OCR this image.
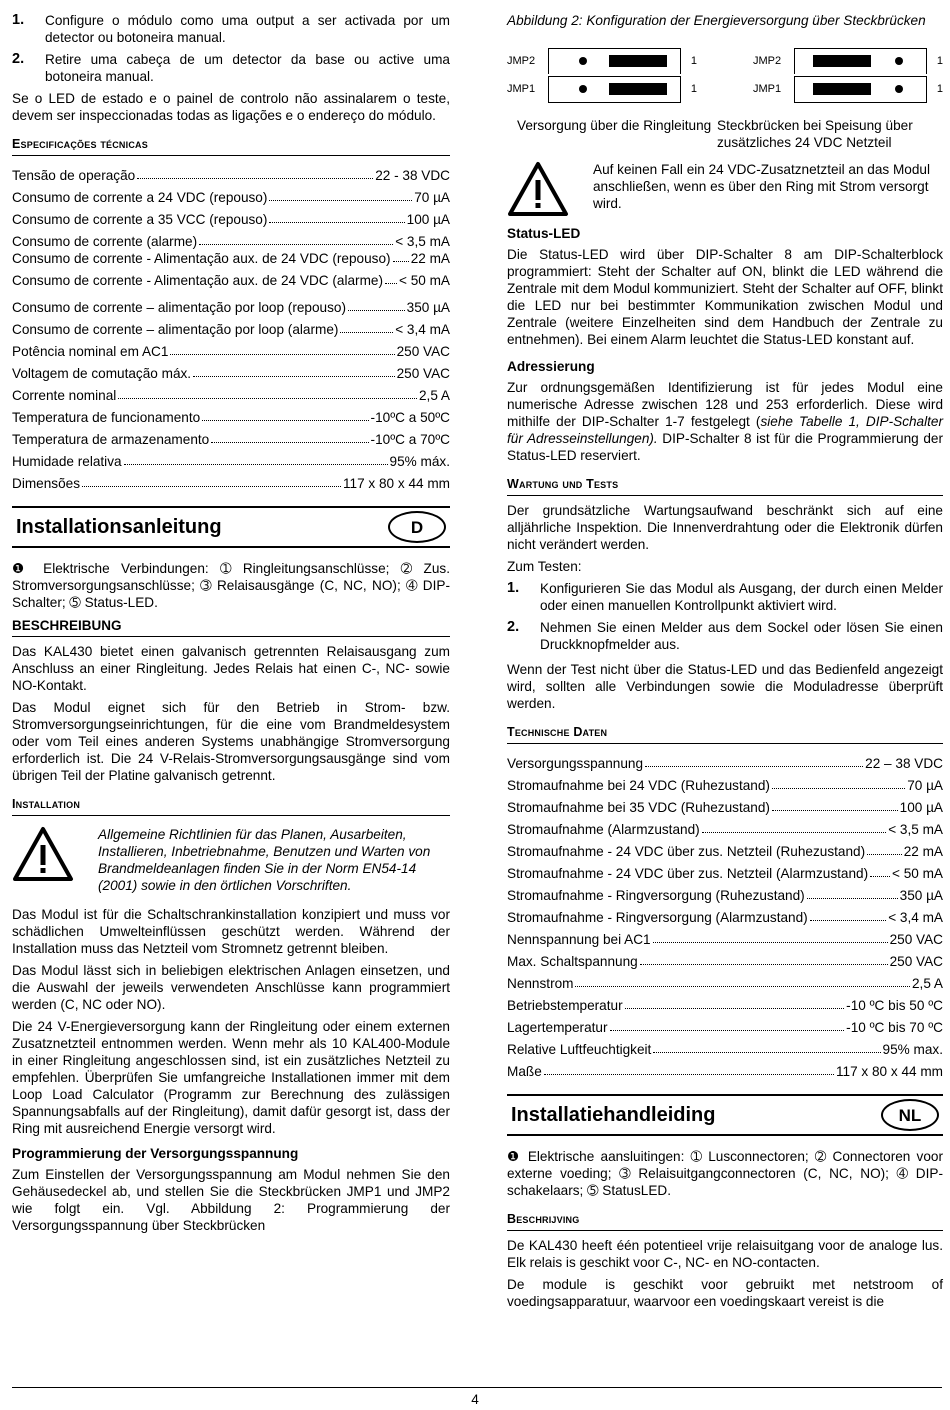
1.	Configure o módulo como uma output a ser activada por um detector ou botoneira manual.
2.	Retire uma cabeça de um detector da base ou active uma botoneira manual.

Se o LED de estado e o painel de controlo não assinalarem o teste, devem ser inspeccionadas todas as ligações e o endereço do módulo.

Especificações técnicas
Tensão de operação	22 - 38 VDC
Consumo de corrente a 24 VDC (repouso)	70 µA
Consumo de corrente a 35 VCC (repouso)	100 µA
Consumo de corrente (alarme)	< 3,5 mA
Consumo de corrente - Alimentação aux. de 24 VDC (repouso) 22 mA
Consumo de corrente - Alimentação aux. de 24 VDC (alarme) < 50 mA
Consumo de corrente – alimentação por loop (repouso)	350 µA
Consumo de corrente – alimentação por loop (alarme)	< 3,4 mA
Potência nominal em AC1	250 VAC
Voltagem de comutação máx.	250 VAC
Corrente nominal	2,5 A
Temperatura de funcionamento	-10ºC a 50ºC
Temperatura de armazenamento	-10ºC a 70ºC
Humidade relativa	95% máx.
Dimensões	117 x 80 x 44 mm
Installationsanleitung	D

❶ Elektrische Verbindungen: ➀ Ringleitungsanschlüsse; ➁ Zus. Stromversorgungsanschlüsse; ➂ Relaisausgänge (C, NC, NO); ➃ DIP-Schalter; ➄ Status-LED.

BESCHREIBUNG

Das KAL430 bietet einen galvanisch getrennten Relaisausgang zum Anschluss an einer Ringleitung. Jedes Relais hat einen C-, NC- sowie NO-Kontakt.

Das Modul eignet sich für den Betrieb in Strom- bzw. Stromversorgungseinrichtungen, für die eine vom Brandmeldesystem oder vom Teil eines anderen Systems unabhängige Stromversorgung erforderlich ist. Die 24 V-Relais-Stromversorgungsausgänge sind vom übrigen Teil der Platine galvanisch getrennt.

Installation
Allgemeine Richtlinien für das Planen, Ausarbeiten, Installieren, Inbetriebnahme, Benutzen und Warten von Brandmeldeanlagen finden Sie in der Norm EN54-14 (2001) sowie in den örtlichen Vorschriften.

Das Modul ist für die Schaltschrankinstallation konzipiert und muss vor schädlichen Umwelteinflüssen geschützt werden. Während der Installation muss das Netzteil vom Stromnetz getrennt bleiben.

Das Modul lässt sich in beliebigen elektrischen Anlagen einsetzen, und die Auswahl der jeweils verwendeten Anschlüsse kann programmiert werden (C, NC oder NO).

Die 24 V-Energieversorgung kann der Ringleitung oder einem externen Zusatznetzteil entnommen werden. Wenn mehr als 10 KAL400-Module in einer Ringleitung angeschlossen sind, ist ein zusätzliches Netzteil zu empfehlen. Überprüfen Sie umfangreiche Installationen immer mit dem Loop Load Calculator (Programm zur Berechnung des zulässigen Spannungsabfalls auf der Ringleitung), damit dafür gesorgt ist, dass der Ring mit ausreichend Energie versorgt wird.

Programmierung der Versorgungsspannung

Zum Einstellen der Versorgungsspannung am Modul nehmen Sie den Gehäusedeckel ab, und stellen Sie die Steckbrücken JMP1 und JMP2 wie folgt ein. Vgl. Abbildung 2: Programmierung der Versorgungsspannung über Steckbrücken

Abbildung 2: Konfiguration der Energieversorgung über Steckbrücken
JMP2	1
JMP1	1
JMP2	1
JMP1	1
Versorgung über die Ringleitung Steckbrücken bei Speisung über zusätzliches 24 VDC Netzteil
Auf keinen Fall ein 24 VDC-Zusatznetzteil an das Modul anschließen, wenn es über den Ring mit Strom versorgt wird.
Status-LED

Die Status-LED wird über DIP-Schalter 8 am DIP-Schalterblock programmiert: Steht der Schalter auf ON, blinkt die LED während die Zentrale mit dem Modul kommuniziert. Steht der Schalter auf OFF, blinkt die LED nur bei bestimmter Kommunikation zwischen Modul und Zentrale (weitere Einzelheiten sind dem Handbuch der Zentrale zu entnehmen). Bei einem Alarm leuchtet die Status-LED konstant auf.

Adressierung

Zur ordnungsgemäßen Identifizierung ist für jedes Modul eine numerische Adresse zwischen 128 und 253 erforderlich. Diese wird mithilfe der DIP-Schalter 1-7 festgelegt (siehe Tabelle 1, DIP-Schalter für Adresseinstellungen). DIP-Schalter 8 ist für die Programmierung der Status-LED reserviert.

Wartung und Tests

Der grundsätzliche Wartungsaufwand beschränkt sich auf eine alljährliche Inspektion. Die Innenverdrahtung oder die Elektronik dürfen nicht verändert werden.

Zum Testen:

1.	Konfigurieren Sie das Modul als Ausgang, der durch einen Melder oder einen manuellen Kontrollpunkt aktiviert wird.
2.	Nehmen Sie einen Melder aus dem Sockel oder lösen Sie einen Druckknopfmelder aus.

Wenn der Test nicht über die Status-LED und das Bedienfeld angezeigt wird, sollten alle Verbindungen sowie die Moduladresse überprüft werden.

Technische Daten
Versorgungsspannung	22 – 38 VDC
Stromaufnahme bei 24 VDC (Ruhezustand)	70 µA
Stromaufnahme bei 35 VDC (Ruhezustand)	100 µA
Stromaufnahme (Alarmzustand)	< 3,5 mA
Stromaufnahme - 24 VDC über zus. Netzteil (Ruhezustand)	22 mA
Stromaufnahme - 24 VDC über zus. Netzteil (Alarmzustand) < 50 mA
Stromaufnahme - Ringversorgung (Ruhezustand)	350 µA
Stromaufnahme - Ringversorgung (Alarmzustand)	< 3,4 mA
Nennspannung bei AC1	250 VAC
Max. Schaltspannung	250 VAC
Nennstrom	2,5 A
Betriebstemperatur	-10 ºC bis 50 ºC
Lagertemperatur	-10 ºC bis 70 ºC
Relative Luftfeuchtigkeit	95% max.
Maße	117 x 80 x 44 mm
Installatiehandleiding	NL

❶ Elektrische aansluitingen: ➀ Lusconnectoren; ➁ Connectoren voor externe voeding; ➂ Relaisuitgangconnectoren (C, NC, NO); ➃ DIP-schakelaars; ➄ StatusLED.

Beschrijving

De KAL430 heeft één potentieel vrije relaisuitgang voor de analoge lus. Elk relais is geschikt voor C-, NC- en NO-contacten.

De module is geschikt voor gebruikt met netstroom of voedingsapparatuur, waarvoor een voedingskaart vereist is die

4
